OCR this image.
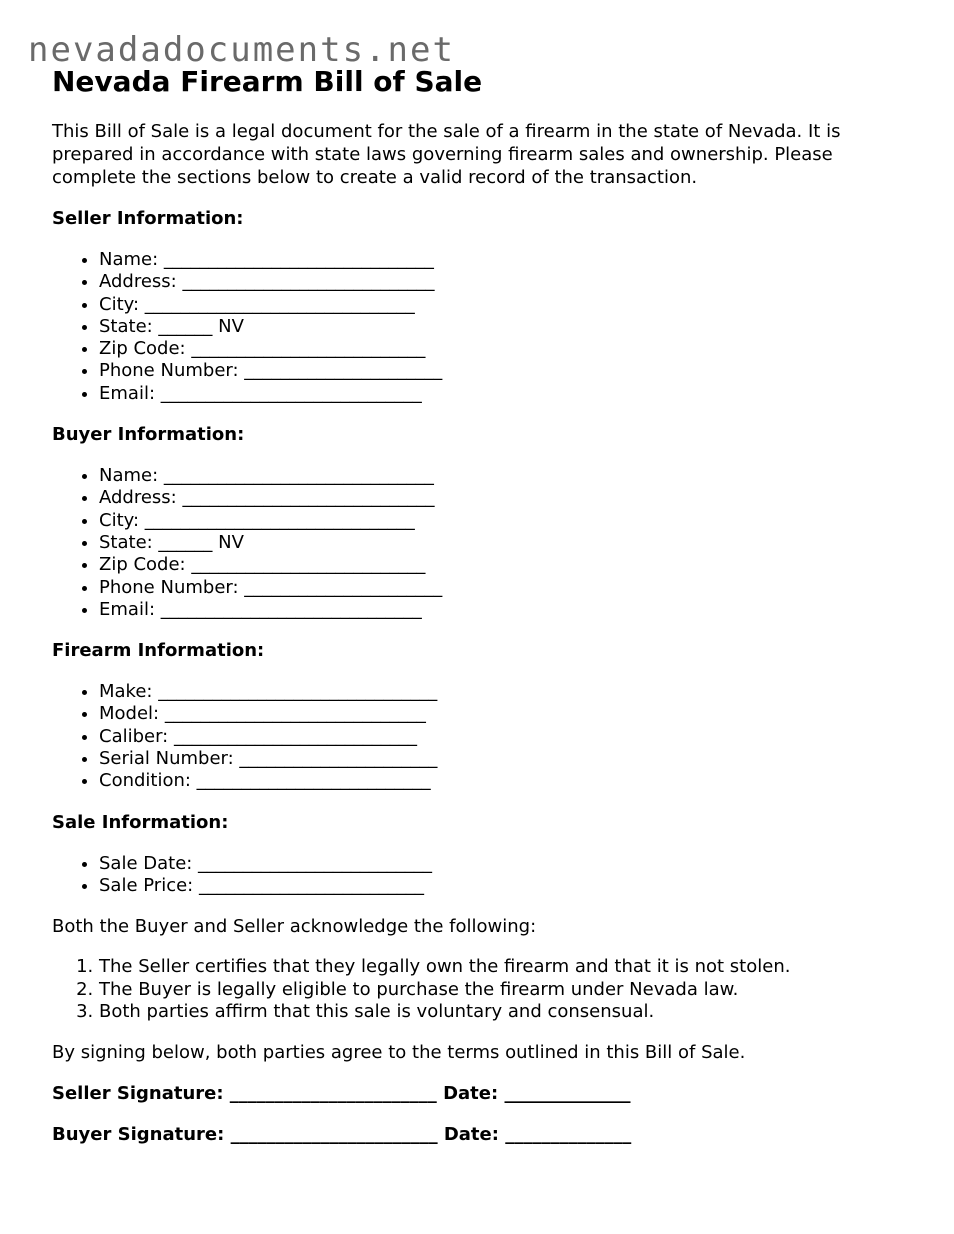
nevadadocuments.net
Nevada Firearm Bill of Sale

This Bill of Sale is a legal document for the sale of a firearm in the state of Nevada. It is prepared in accordance with state laws governing firearm sales and ownership. Please complete the sections below to create a valid record of the transaction.

Seller Information:
• Name: ______________________________
• Address: ____________________________
• City: ______________________________
• State: ______ NV
• Zip Code: __________________________
• Phone Number: ______________________
• Email: _____________________________
Buyer Information:
• Name: ______________________________
• Address: ____________________________
• City: ______________________________
• State: ______ NV
• Zip Code: __________________________
• Phone Number: ______________________
• Email: _____________________________
Firearm Information:
• Make: _______________________________
• Model: _____________________________
• Caliber: ___________________________
• Serial Number: ______________________
• Condition: __________________________
Sale Information:
• Sale Date: __________________________
• Sale Price: _________________________

Both the Buyer and Seller acknowledge the following:

1. The Seller certifies that they legally own the firearm and that it is not stolen.
2. The Buyer is legally eligible to purchase the firearm under Nevada law.
3. Both parties affirm that this sale is voluntary and consensual.

By signing below, both parties agree to the terms outlined in this Bill of Sale.

Seller Signature: _______________________ Date: ______________
Buyer Signature: _______________________ Date: ______________
